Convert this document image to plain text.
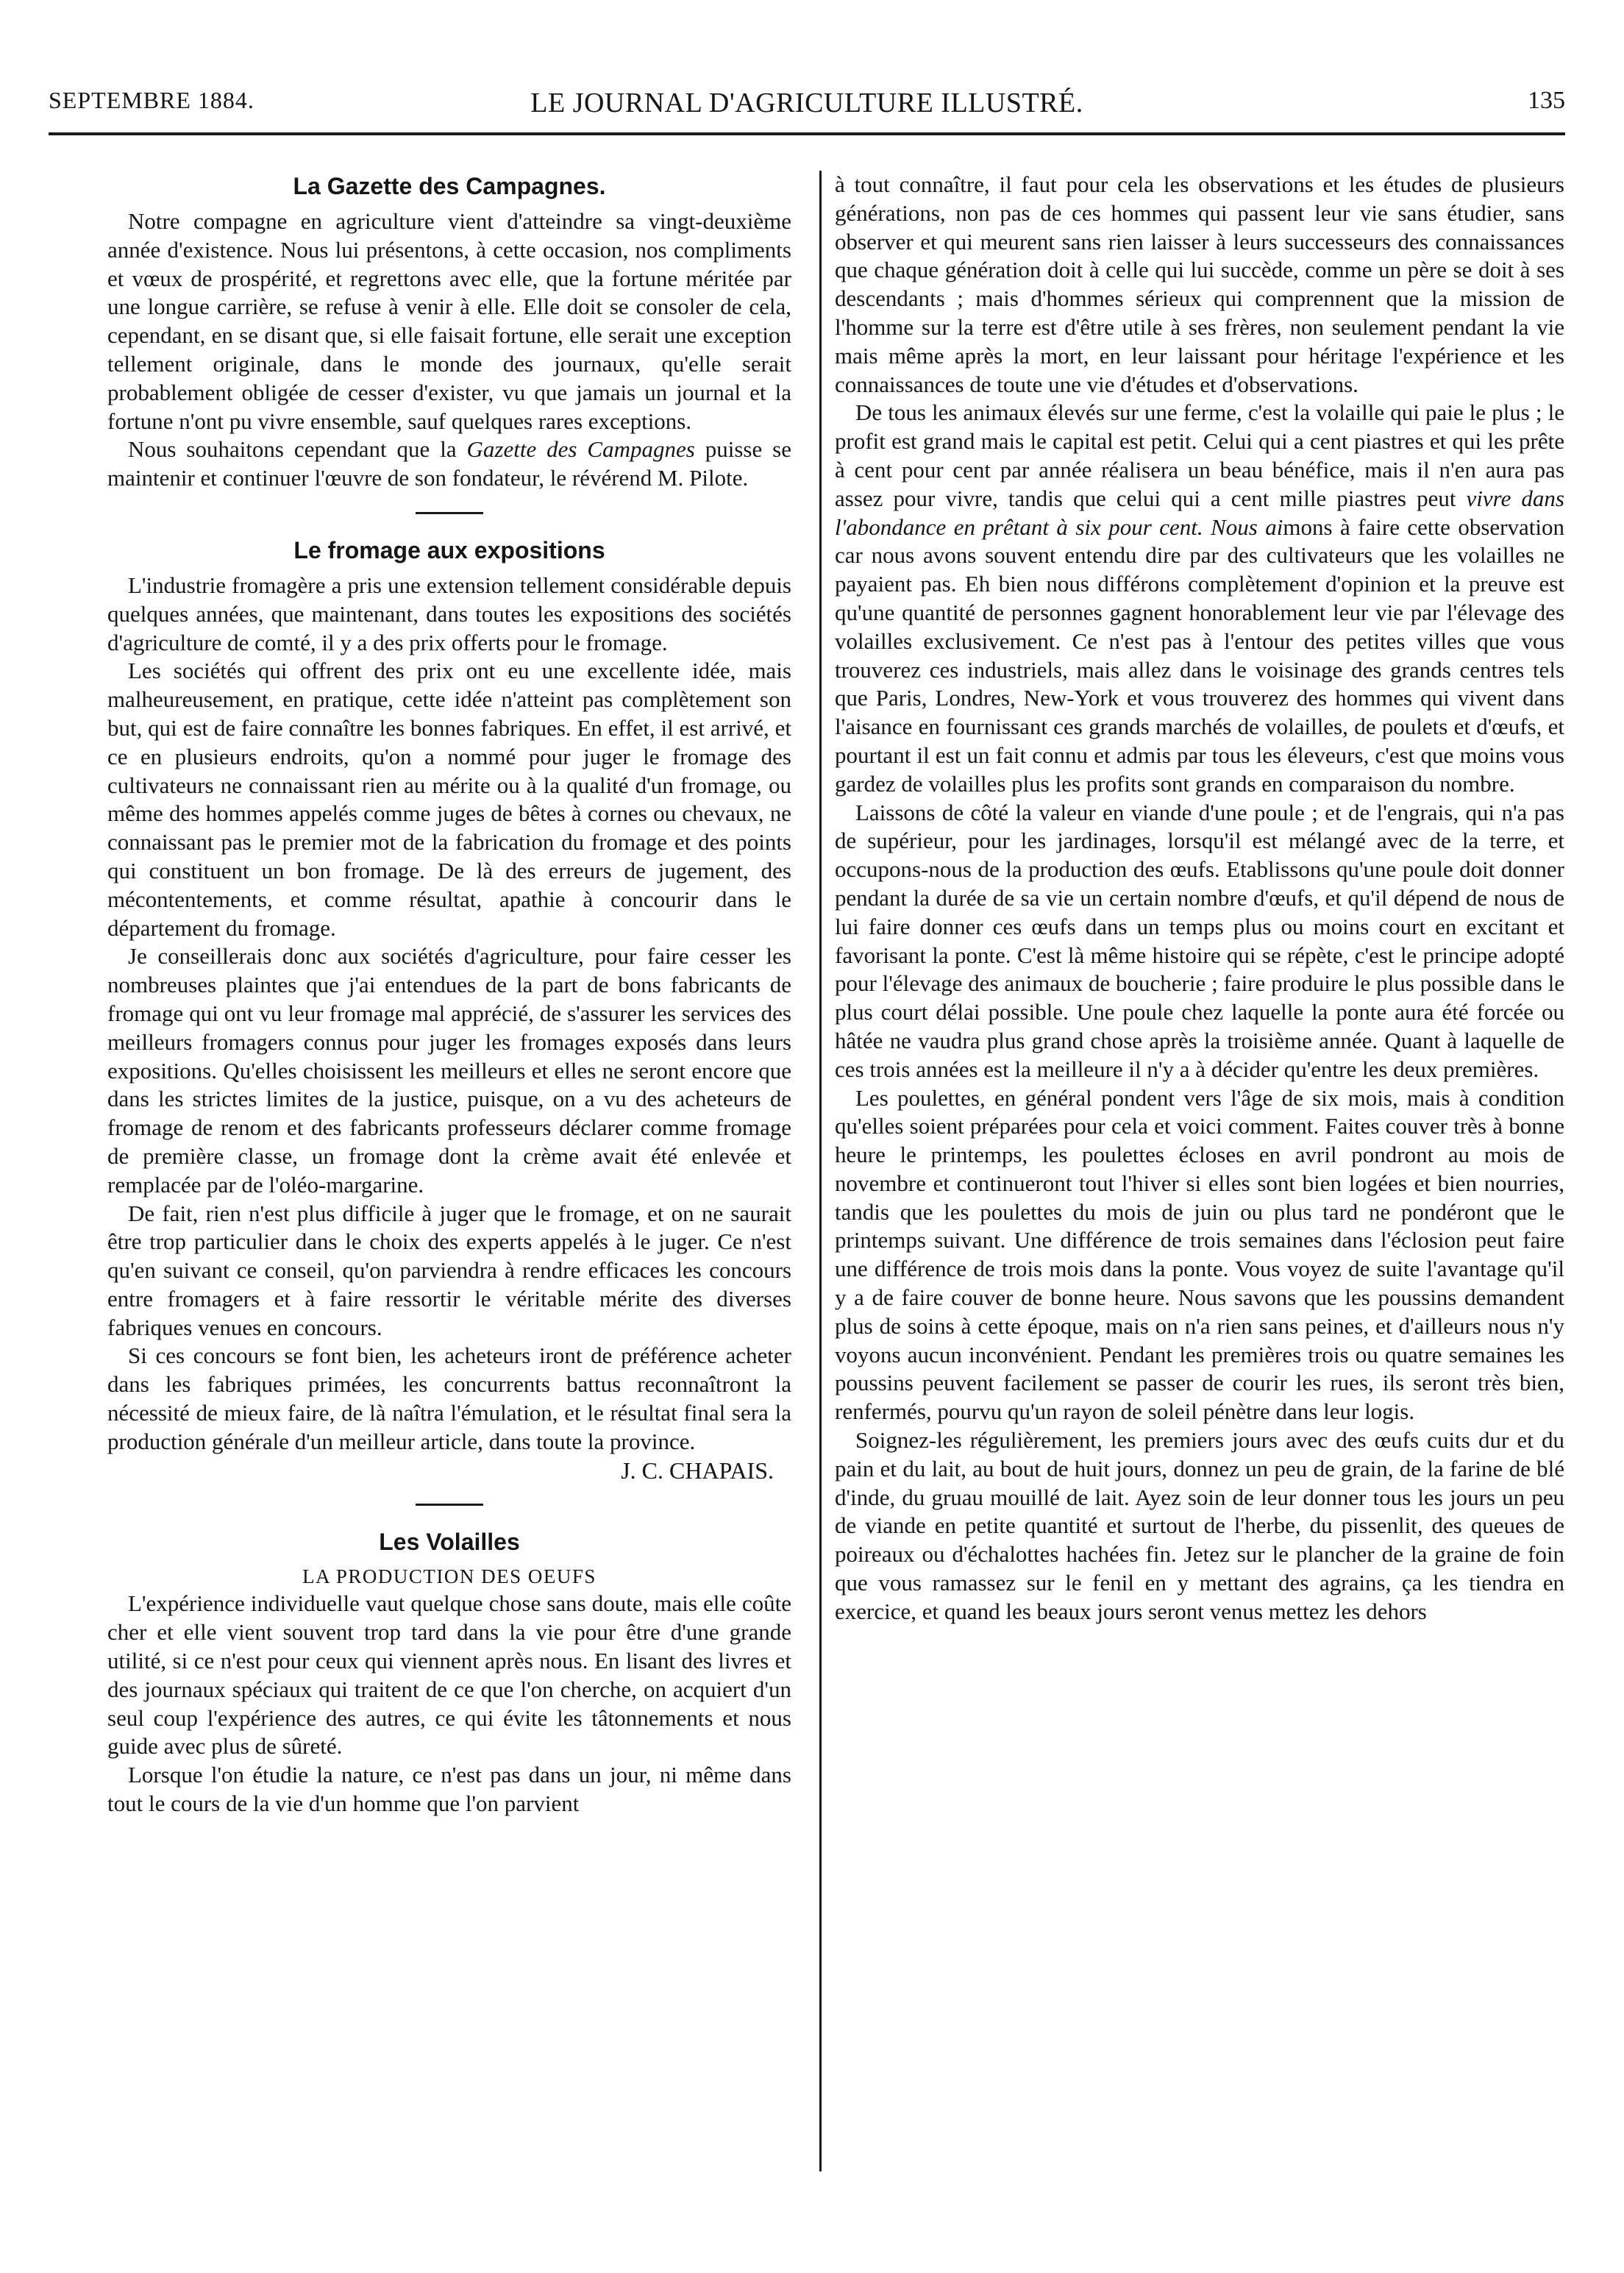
SEPTEMBRE 1884.	LE JOURNAL D'AGRICULTURE ILLUSTRÉ.	135
La Gazette des Campagnes.

Notre compagne en agriculture vient d'atteindre sa vingt-deuxième année d'existence. Nous lui présentons, à cette occasion, nos compliments et vœux de prospérité, et regrettons avec elle, que la fortune méritée par une longue carrière, se refuse à venir à elle. Elle doit se consoler de cela, cependant, en se disant que, si elle faisait fortune, elle serait une exception tellement originale, dans le monde des journaux, qu'elle serait probablement obligée de cesser d'exister, vu que jamais un journal et la fortune n'ont pu vivre ensemble, sauf quelques rares exceptions.

Nous souhaitons cependant que la Gazette des Campagnes puisse se maintenir et continuer l'œuvre de son fondateur, le révérend M. Pilote.

Le fromage aux expositions

L'industrie fromagère a pris une extension tellement considérable depuis quelques années, que maintenant, dans toutes les expositions des sociétés d'agriculture de comté, il y a des prix offerts pour le fromage.

Les sociétés qui offrent des prix ont eu une excellente idée, mais malheureusement, en pratique, cette idée n'atteint pas complètement son but, qui est de faire connaître les bonnes fabriques. En effet, il est arrivé, et ce en plusieurs endroits, qu'on a nommé pour juger le fromage des cultivateurs ne connaissant rien au mérite ou à la qualité d'un fromage, ou même des hommes appelés comme juges de bêtes à cornes ou chevaux, ne connaissant pas le premier mot de la fabrication du fromage et des points qui constituent un bon fromage. De là des erreurs de jugement, des mécontentements, et comme résultat, apathie à concourir dans le département du fromage.

Je conseillerais donc aux sociétés d'agriculture, pour faire cesser les nombreuses plaintes que j'ai entendues de la part de bons fabricants de fromage qui ont vu leur fromage mal apprécié, de s'assurer les services des meilleurs fromagers connus pour juger les fromages exposés dans leurs expositions. Qu'elles choisissent les meilleurs et elles ne seront encore que dans les strictes limites de la justice, puisque, on a vu des acheteurs de fromage de renom et des fabricants professeurs déclarer comme fromage de première classe, un fromage dont la crème avait été enlevée et remplacée par de l'oléo-margarine.

De fait, rien n'est plus difficile à juger que le fromage, et on ne saurait être trop particulier dans le choix des experts appelés à le juger. Ce n'est qu'en suivant ce conseil, qu'on parviendra à rendre efficaces les concours entre fromagers et à faire ressortir le véritable mérite des diverses fabriques venues en concours.

Si ces concours se font bien, les acheteurs iront de préférence acheter dans les fabriques primées, les concurrents battus reconnaîtront la nécessité de mieux faire, de là naîtra l'émulation, et le résultat final sera la production générale d'un meilleur article, dans toute la province.

J. C. CHAPAIS.

Les Volailles
LA PRODUCTION DES OEUFS

L'expérience individuelle vaut quelque chose sans doute, mais elle coûte cher et elle vient souvent trop tard dans la vie pour être d'une grande utilité, si ce n'est pour ceux qui viennent après nous. En lisant des livres et des journaux spéciaux qui traitent de ce que l'on cherche, on acquiert d'un seul coup l'expérience des autres, ce qui évite les tâtonnements et nous guide avec plus de sûreté.

Lorsque l'on étudie la nature, ce n'est pas dans un jour, ni même dans tout le cours de la vie d'un homme que l'on parvient

à tout connaître, il faut pour cela les observations et les études de plusieurs générations, non pas de ces hommes qui passent leur vie sans étudier, sans observer et qui meurent sans rien laisser à leurs successeurs des connaissances que chaque génération doit à celle qui lui succède, comme un père se doit à ses descendants ; mais d'hommes sérieux qui comprennent que la mission de l'homme sur la terre est d'être utile à ses frères, non seulement pendant la vie mais même après la mort, en leur laissant pour héritage l'expérience et les connaissances de toute une vie d'études et d'observations.

De tous les animaux élevés sur une ferme, c'est la volaille qui paie le plus ; le profit est grand mais le capital est petit. Celui qui a cent piastres et qui les prête à cent pour cent par année réalisera un beau bénéfice, mais il n'en aura pas assez pour vivre, tandis que celui qui a cent mille piastres peut vivre dans l'abondance en prêtant à six pour cent. Nous aimons à faire cette observation car nous avons souvent entendu dire par des cultivateurs que les volailles ne payaient pas. Eh bien nous différons complètement d'opinion et la preuve est qu'une quantité de personnes gagnent honorablement leur vie par l'élevage des volailles exclusivement. Ce n'est pas à l'entour des petites villes que vous trouverez ces industriels, mais allez dans le voisinage des grands centres tels que Paris, Londres, New-York et vous trouverez des hommes qui vivent dans l'aisance en fournissant ces grands marchés de volailles, de poulets et d'œufs, et pourtant il est un fait connu et admis par tous les éleveurs, c'est que moins vous gardez de volailles plus les profits sont grands en comparaison du nombre.

Laissons de côté la valeur en viande d'une poule ; et de l'engrais, qui n'a pas de supérieur, pour les jardinages, lorsqu'il est mélangé avec de la terre, et occupons-nous de la production des œufs. Etablissons qu'une poule doit donner pendant la durée de sa vie un certain nombre d'œufs, et qu'il dépend de nous de lui faire donner ces œufs dans un temps plus ou moins court en excitant et favorisant la ponte. C'est là même histoire qui se répète, c'est le principe adopté pour l'élevage des animaux de boucherie ; faire produire le plus possible dans le plus court délai possible. Une poule chez laquelle la ponte aura été forcée ou hâtée ne vaudra plus grand chose après la troisième année. Quant à laquelle de ces trois années est la meilleure il n'y a à décider qu'entre les deux premières.

Les poulettes, en général pondent vers l'âge de six mois, mais à condition qu'elles soient préparées pour cela et voici comment. Faites couver très à bonne heure le printemps, les poulettes écloses en avril pondront au mois de novembre et continueront tout l'hiver si elles sont bien logées et bien nourries, tandis que les poulettes du mois de juin ou plus tard ne pondéront que le printemps suivant. Une différence de trois semaines dans l'éclosion peut faire une différence de trois mois dans la ponte. Vous voyez de suite l'avantage qu'il y a de faire couver de bonne heure. Nous savons que les poussins demandent plus de soins à cette époque, mais on n'a rien sans peines, et d'ailleurs nous n'y voyons aucun inconvénient. Pendant les premières trois ou quatre semaines les poussins peuvent facilement se passer de courir les rues, ils seront très bien, renfermés, pourvu qu'un rayon de soleil pénètre dans leur logis.

Soignez-les régulièrement, les premiers jours avec des œufs cuits dur et du pain et du lait, au bout de huit jours, donnez un peu de grain, de la farine de blé d'inde, du gruau mouillé de lait. Ayez soin de leur donner tous les jours un peu de viande en petite quantité et surtout de l'herbe, du pissenlit, des queues de poireaux ou d'échalottes hachées fin. Jetez sur le plancher de la graine de foin que vous ramassez sur le fenil en y mettant des agrains, ça les tiendra en exercice, et quand les beaux jours seront venus mettez les dehors
